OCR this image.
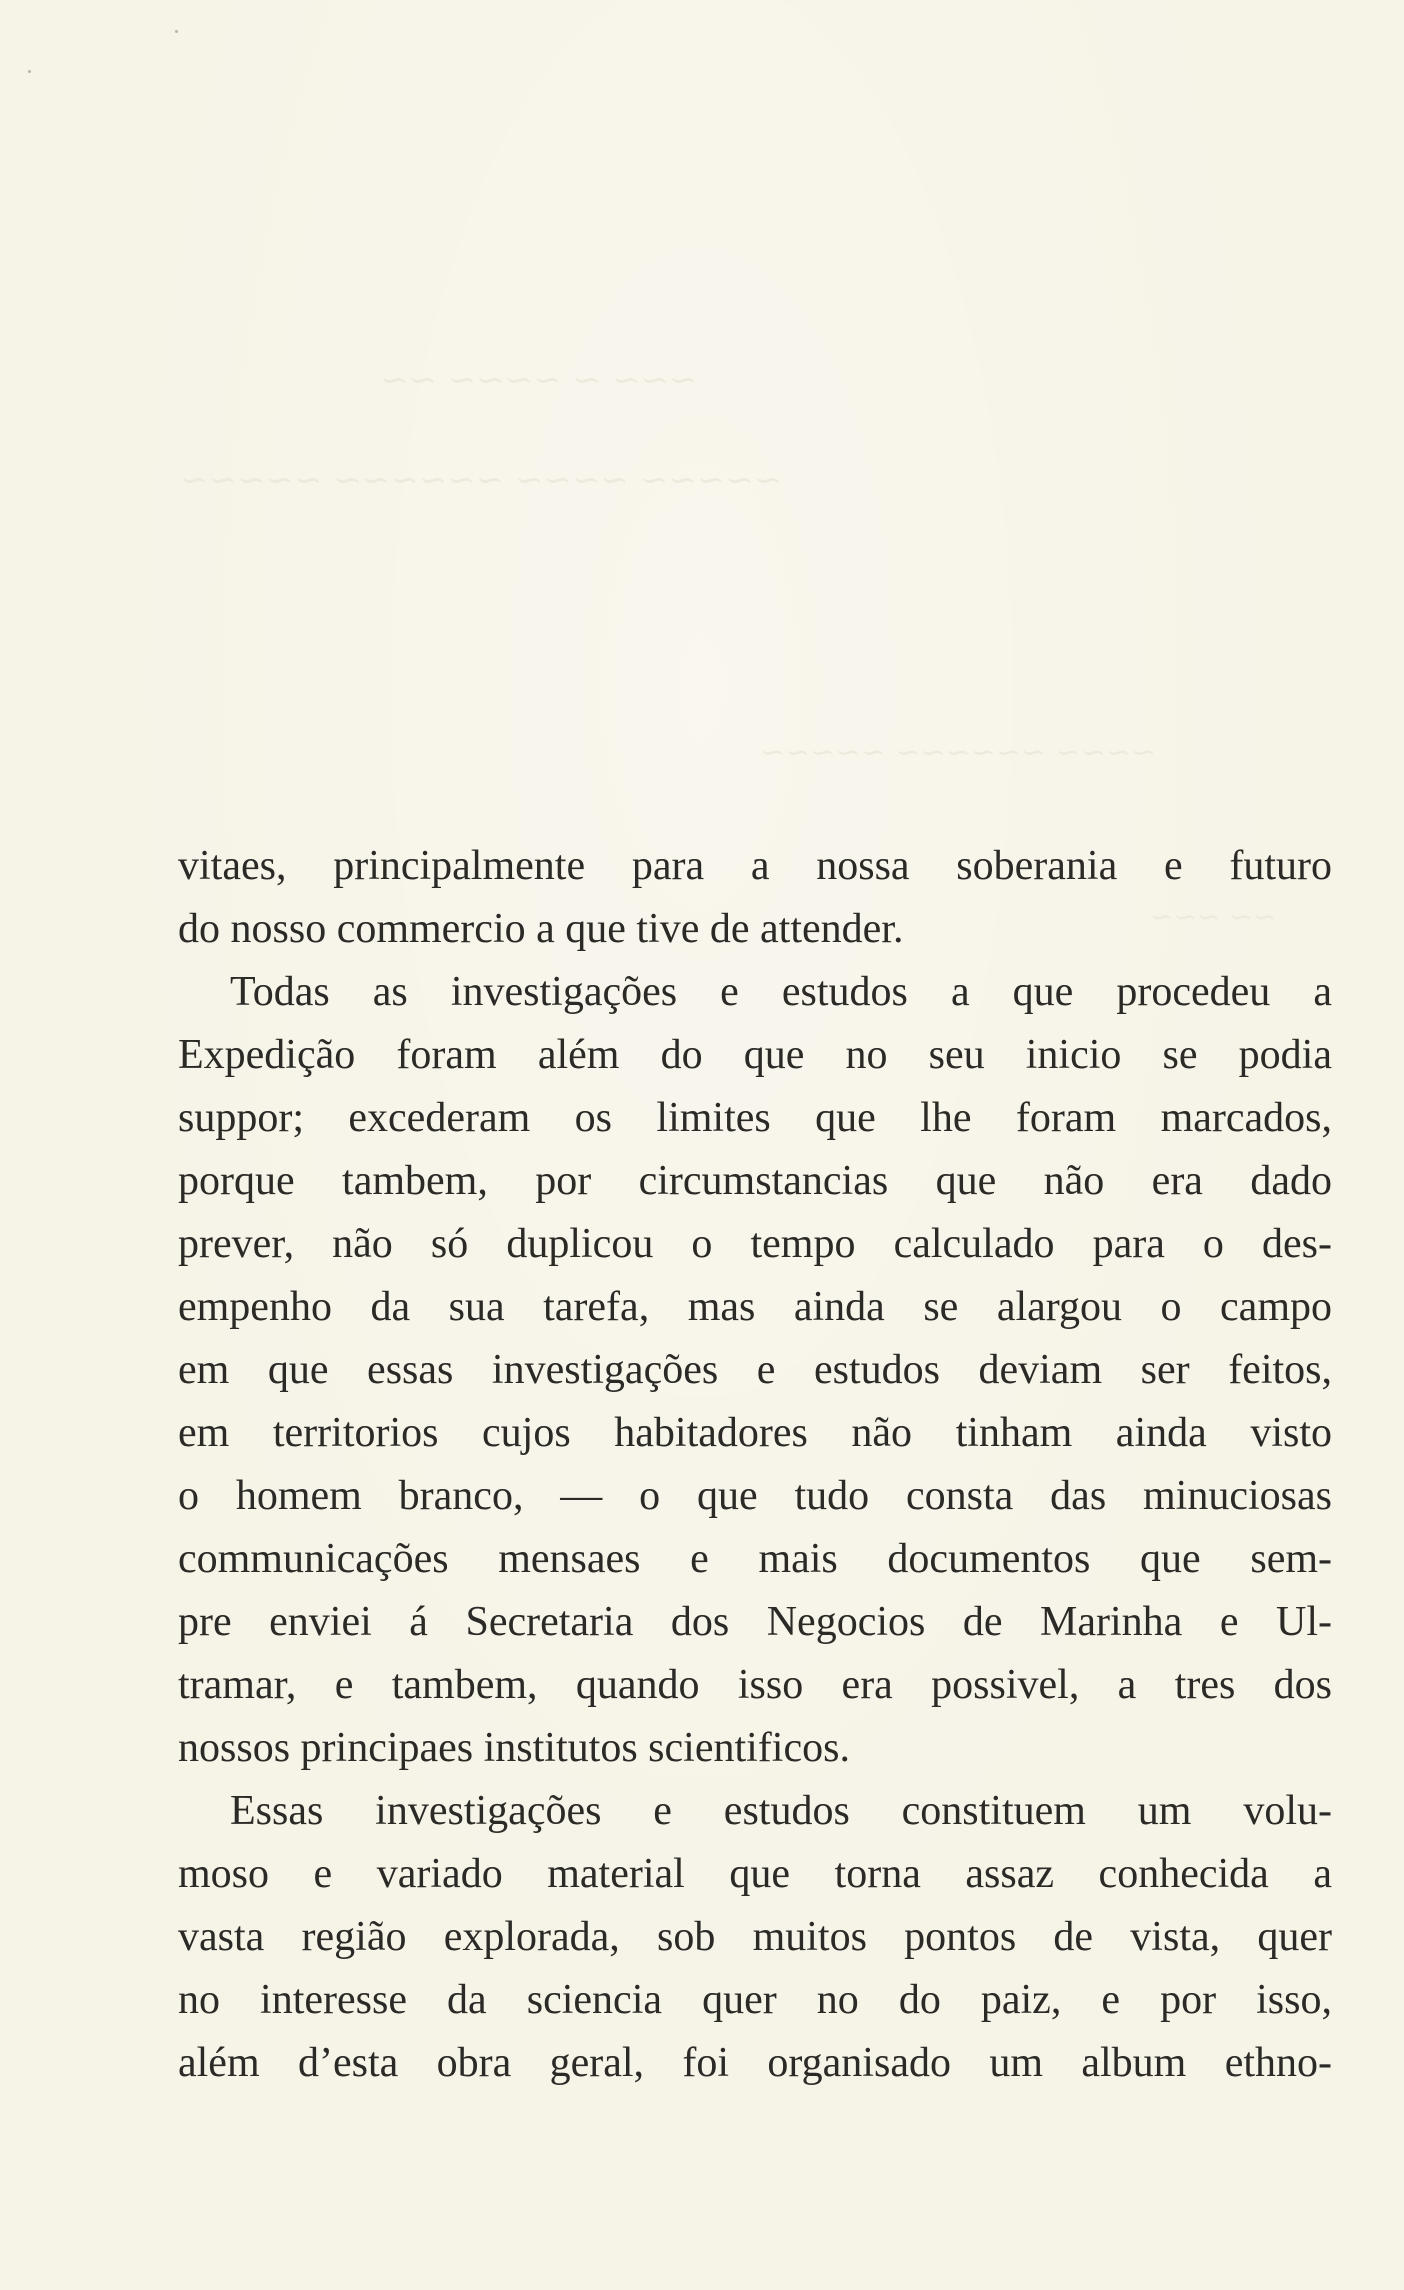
~~~ ~ ~~~~ ~~
~~~~~ ~~~~ ~~~~~~ ~~~~~
~~~~ ~~~~~~ ~~~~~
~~ ~~~
vitaes, principalmente para a nossa soberania e futuro
do nosso commercio a que tive de attender.
Todas as investigações e estudos a que procedeu a
Expedição foram além do que no seu inicio se podia
suppor; excederam os limites que lhe foram marcados,
porque tambem, por circumstancias que não era dado
prever, não só duplicou o tempo calculado para o des-
empenho da sua tarefa, mas ainda se alargou o campo
em que essas investigações e estudos deviam ser feitos,
em territorios cujos habitadores não tinham ainda visto
o homem branco, — o que tudo consta das minuciosas
communicações mensaes e mais documentos que sem-
pre enviei á Secretaria dos Negocios de Marinha e Ul-
tramar, e tambem, quando isso era possivel, a tres dos
nossos principaes institutos scientificos.
Essas investigações e estudos constituem um volu-
moso e variado material que torna assaz conhecida a
vasta região explorada, sob muitos pontos de vista, quer
no interesse da sciencia quer no do paiz, e por isso,
além d’esta obra geral, foi organisado um album ethno-
